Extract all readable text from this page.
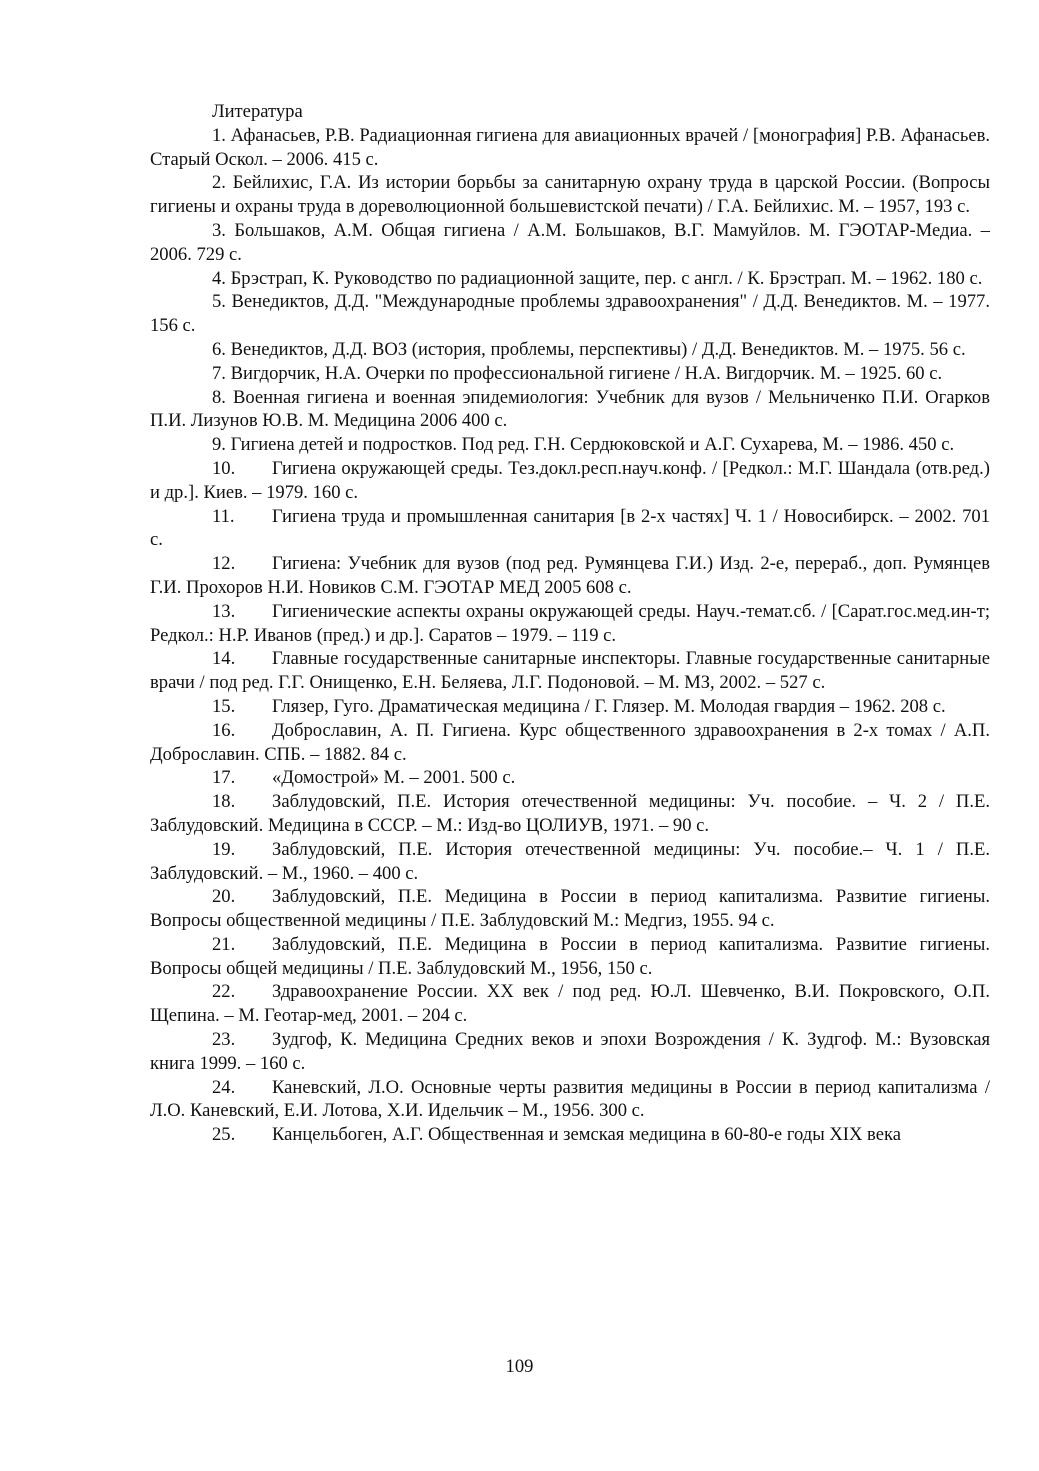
Литература

1. Афанасьев, Р.В. Радиационная гигиена для авиационных врачей / [монография] Р.В. Афанасьев. Старый Оскол. – 2006. 415 с.

2. Бейлихис, Г.А. Из истории борьбы за санитарную охрану труда в царской России. (Вопросы гигиены и охраны труда в дореволюционной большевистской печати) / Г.А. Бейлихис. М. – 1957, 193 с.

3. Большаков, А.М. Общая гигиена / А.М. Большаков, В.Г. Мамуйлов. М. ГЭОТАР-Медиа. – 2006. 729 с.

4. Брэстрап, К. Руководство по радиационной защите, пер. с англ. / К. Брэстрап. М. – 1962. 180 с.

5. Венедиктов, Д.Д. "Международные проблемы здравоохранения" / Д.Д. Венедиктов. М. – 1977. 156 с.

6. Венедиктов, Д.Д. ВОЗ (история, проблемы, перспективы) / Д.Д. Венедиктов. М. – 1975. 56 с.

7. Вигдорчик, Н.А. Очерки по профессиональной гигиене / Н.А. Вигдорчик. М. – 1925. 60 с.

8. Военная гигиена и военная эпидемиология: Учебник для вузов / Мельниченко П.И. Огарков П.И. Лизунов Ю.В. М. Медицина 2006 400 с.

9. Гигиена детей и подростков. Под ред. Г.Н. Сердюковской и А.Г. Сухарева, М. – 1986. 450 с.

10. Гигиена окружающей среды. Тез.докл.респ.науч.конф. / [Редкол.: М.Г. Шандала (отв.ред.) и др.]. Киев. – 1979. 160 с.

11. Гигиена труда и промышленная санитария [в 2-х частях] Ч. 1 / Новосибирск. – 2002. 701 с.

12. Гигиена: Учебник для вузов (под ред. Румянцева Г.И.) Изд. 2-е, перераб., доп. Румянцев Г.И. Прохоров Н.И. Новиков С.М. ГЭОТАР МЕД 2005 608 с.

13. Гигиенические аспекты охраны окружающей среды. Науч.-темат.сб. / [Сарат.гос.мед.ин-т; Редкол.: Н.Р. Иванов (пред.) и др.]. Саратов – 1979. – 119 с.

14. Главные государственные санитарные инспекторы. Главные государственные санитарные врачи / под ред. Г.Г. Онищенко, Е.Н. Беляева, Л.Г. Подоновой. – М. МЗ, 2002. – 527 с.

15. Глязер, Гуго. Драматическая медицина / Г. Глязер. М. Молодая гвардия – 1962. 208 с.

16. Доброславин, А. П. Гигиена. Курс общественного здравоохранения в 2-х томах / А.П. Доброславин. СПБ. – 1882. 84 с.

17. «Домострой» М. – 2001. 500 с.

18. Заблудовский, П.Е. История отечественной медицины: Уч. пособие. – Ч. 2 / П.Е. Заблудовский. Медицина в СССР. – М.: Изд-во ЦОЛИУВ, 1971. – 90 с.

19. Заблудовский, П.Е. История отечественной медицины: Уч. пособие.– Ч. 1 / П.Е. Заблудовский. – М., 1960. – 400 с.

20. Заблудовский, П.Е. Медицина в России в период капитализма. Развитие гигиены. Вопросы общественной медицины / П.Е. Заблудовский М.: Медгиз, 1955. 94 с.

21. Заблудовский, П.Е. Медицина в России в период капитализма. Развитие гигиены. Вопросы общей медицины / П.Е. Заблудовский М., 1956, 150 с.

22. Здравоохранение России. XX век / под ред. Ю.Л. Шевченко, В.И. Покровского, О.П. Щепина. – М. Геотар-мед, 2001. – 204 с.

23. Зудгоф, К. Медицина Средних веков и эпохи Возрождения / К. Зудгоф. М.: Вузовская книга 1999. – 160 с.

24. Каневский, Л.О. Основные черты развития медицины в России в период капитализма / Л.О. Каневский, Е.И. Лотова, Х.И. Идельчик – М., 1956. 300 с.

25. Канцельбоген, А.Г. Общественная и земская медицина в 60-80-е годы XIX века

109
